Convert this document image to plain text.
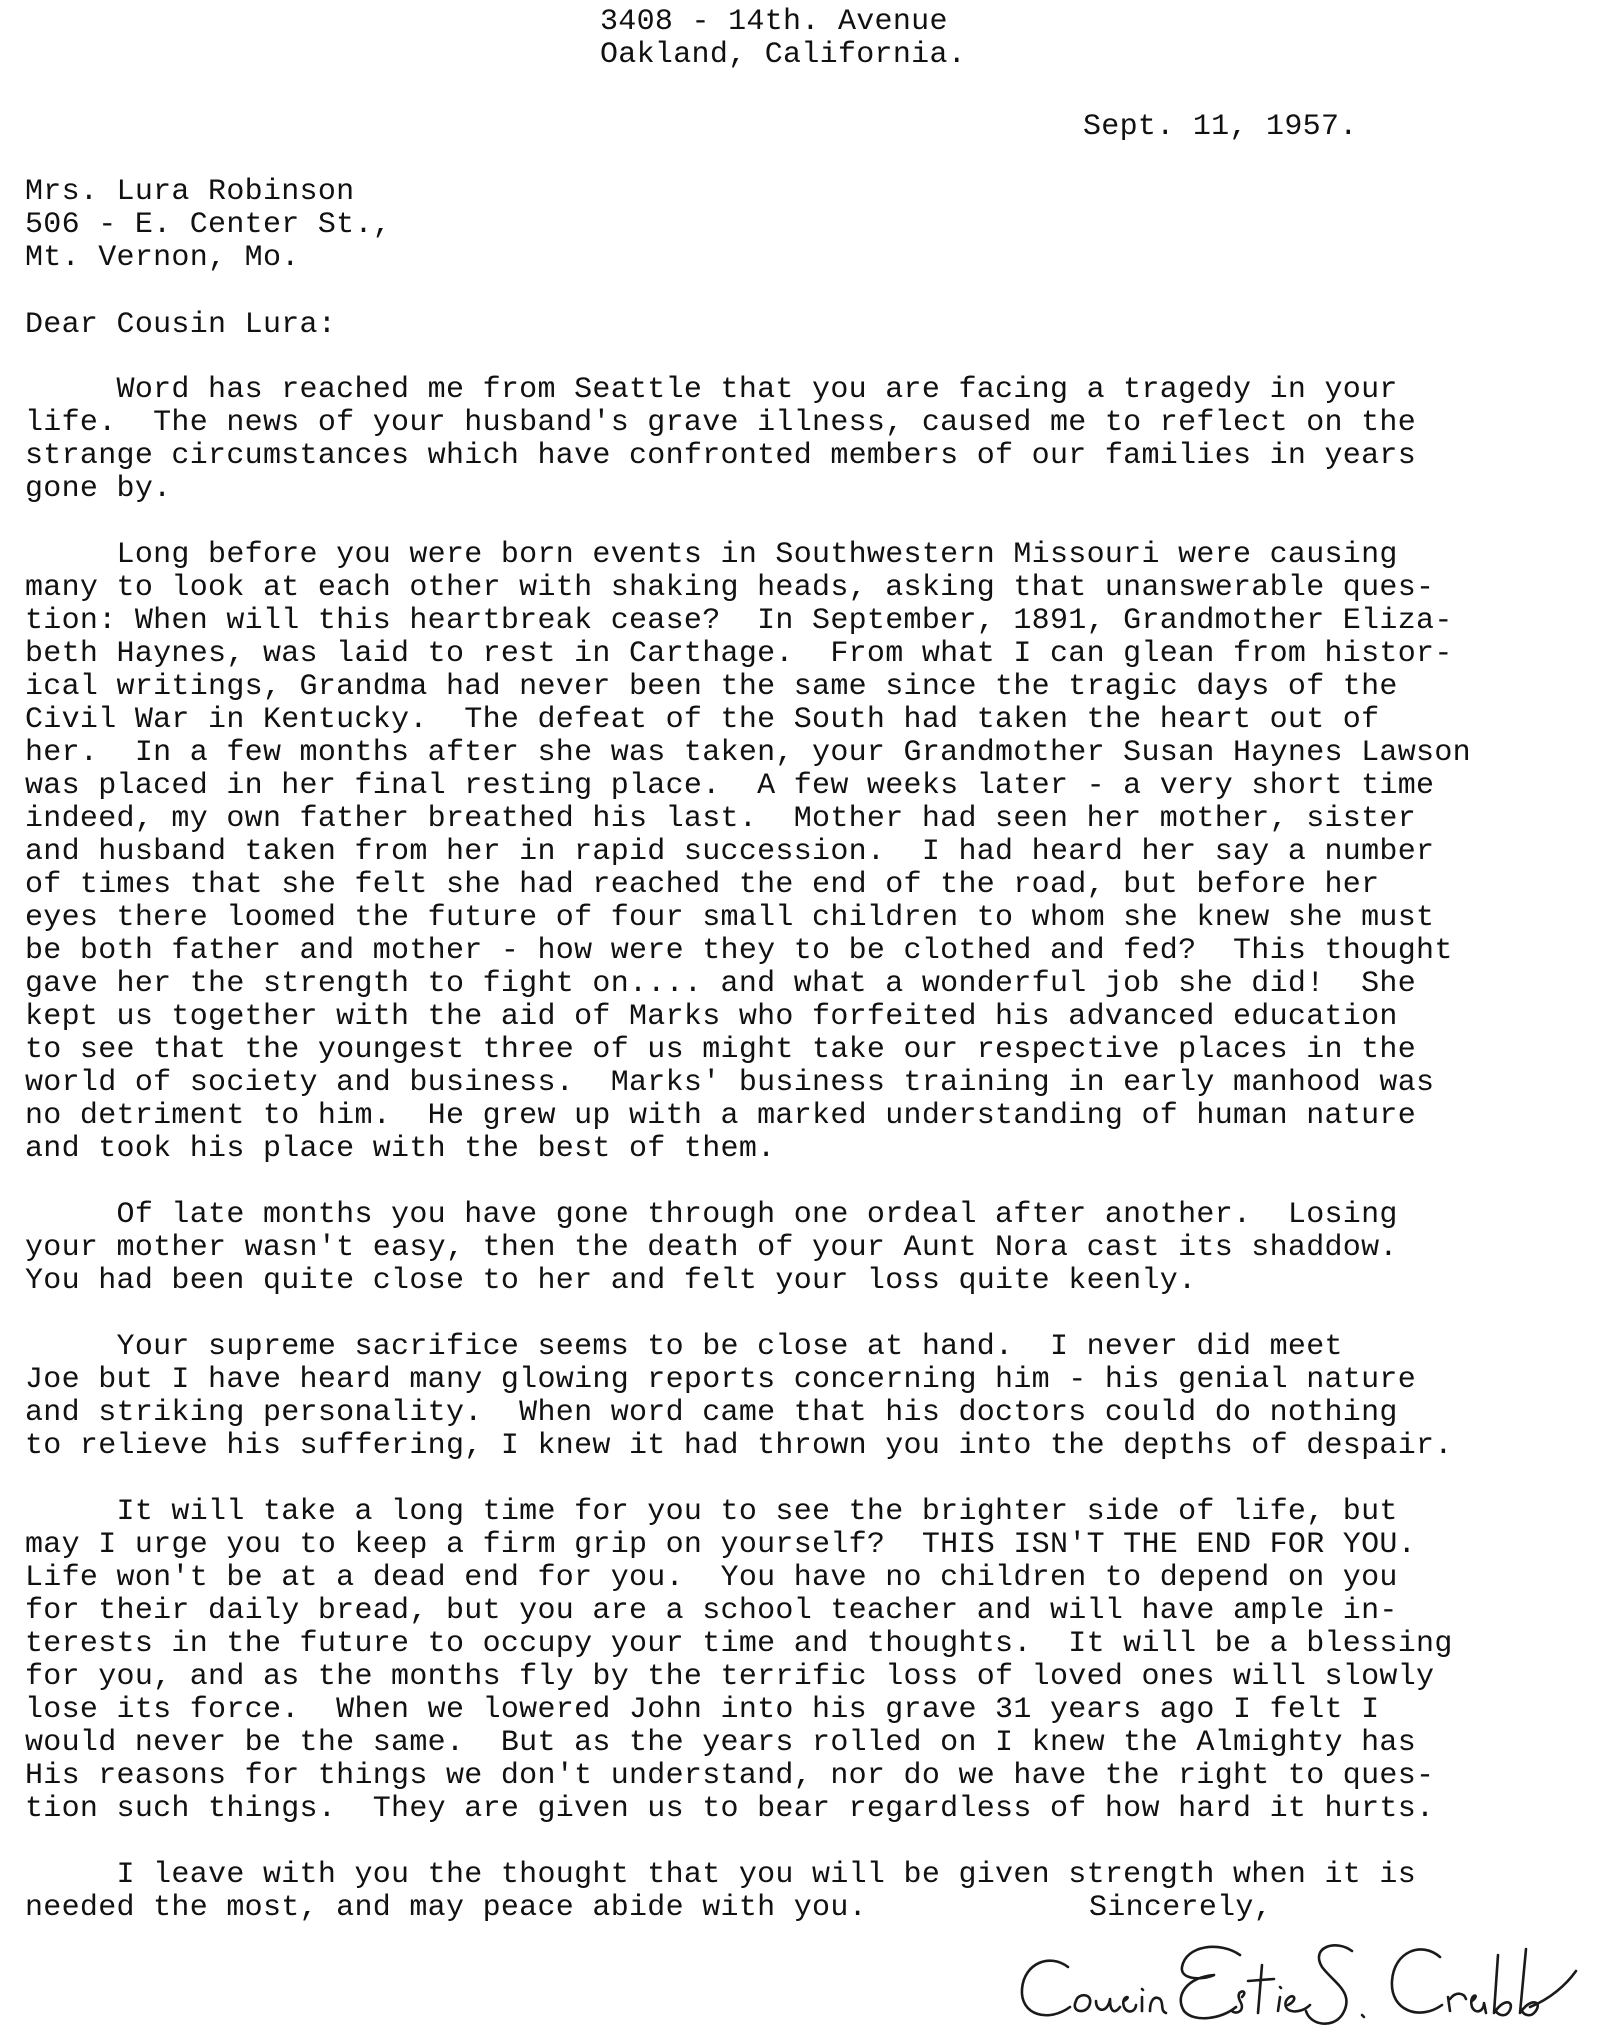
3408 - 14th. Avenue
Oakland, California.
Sept. 11, 1957.
Mrs. Lura Robinson
506 - E. Center St.,
Mt. Vernon, Mo.
Dear Cousin Lura:
Word has reached me from Seattle that you are facing a tragedy in your
life.  The news of your husband's grave illness, caused me to reflect on the
strange circumstances which have confronted members of our families in years
gone by.
Long before you were born events in Southwestern Missouri were causing
many to look at each other with shaking heads, asking that unanswerable ques-
tion: When will this heartbreak cease?  In September, 1891, Grandmother Eliza-
beth Haynes, was laid to rest in Carthage.  From what I can glean from histor-
ical writings, Grandma had never been the same since the tragic days of the
Civil War in Kentucky.  The defeat of the South had taken the heart out of
her.  In a few months after she was taken, your Grandmother Susan Haynes Lawson
was placed in her final resting place.  A few weeks later - a very short time
indeed, my own father breathed his last.  Mother had seen her mother, sister
and husband taken from her in rapid succession.  I had heard her say a number
of times that she felt she had reached the end of the road, but before her
eyes there loomed the future of four small children to whom she knew she must
be both father and mother - how were they to be clothed and fed?  This thought
gave her the strength to fight on.... and what a wonderful job she did!  She
kept us together with the aid of Marks who forfeited his advanced education
to see that the youngest three of us might take our respective places in the
world of society and business.  Marks' business training in early manhood was
no detriment to him.  He grew up with a marked understanding of human nature
and took his place with the best of them.
Of late months you have gone through one ordeal after another.  Losing
your mother wasn't easy, then the death of your Aunt Nora cast its shaddow.
You had been quite close to her and felt your loss quite keenly.
Your supreme sacrifice seems to be close at hand.  I never did meet
Joe but I have heard many glowing reports concerning him - his genial nature
and striking personality.  When word came that his doctors could do nothing
to relieve his suffering, I knew it had thrown you into the depths of despair.
It will take a long time for you to see the brighter side of life, but
may I urge you to keep a firm grip on yourself?  THIS ISN'T THE END FOR YOU.
Life won't be at a dead end for you.  You have no children to depend on you
for their daily bread, but you are a school teacher and will have ample in-
terests in the future to occupy your time and thoughts.  It will be a blessing
for you, and as the months fly by the terrific loss of loved ones will slowly
lose its force.  When we lowered John into his grave 31 years ago I felt I
would never be the same.  But as the years rolled on I knew the Almighty has
His reasons for things we don't understand, nor do we have the right to ques-
tion such things.  They are given us to bear regardless of how hard it hurts.
I leave with you the thought that you will be given strength when it is
needed the most, and may peace abide with you.	Sincerely,
